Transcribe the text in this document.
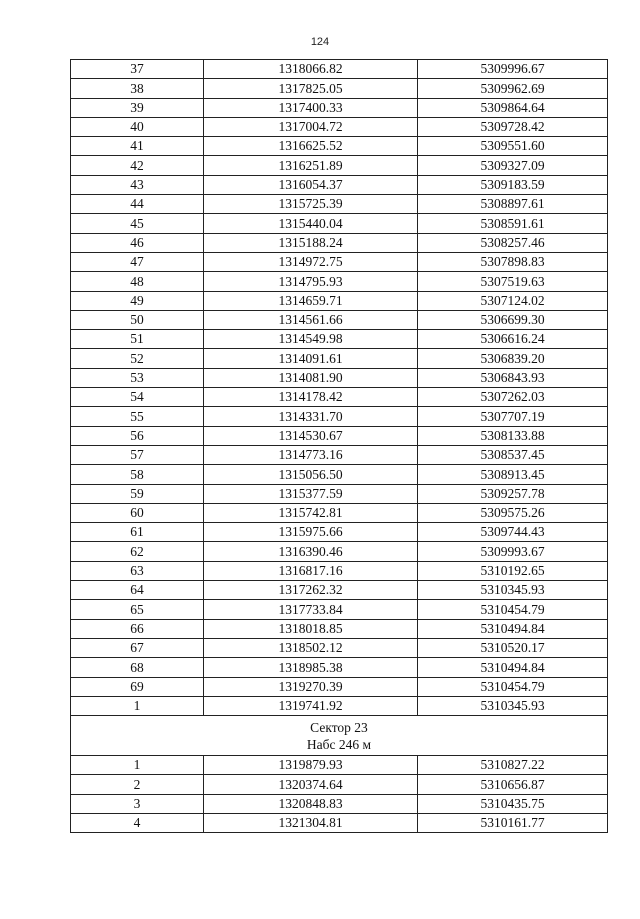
124
37	1318066.82	5309996.67
38	1317825.05	5309962.69
39	1317400.33	5309864.64
40	1317004.72	5309728.42
41	1316625.52	5309551.60
42	1316251.89	5309327.09
43	1316054.37	5309183.59
44	1315725.39	5308897.61
45	1315440.04	5308591.61
46	1315188.24	5308257.46
47	1314972.75	5307898.83
48	1314795.93	5307519.63
49	1314659.71	5307124.02
50	1314561.66	5306699.30
51	1314549.98	5306616.24
52	1314091.61	5306839.20
53	1314081.90	5306843.93
54	1314178.42	5307262.03
55	1314331.70	5307707.19
56	1314530.67	5308133.88
57	1314773.16	5308537.45
58	1315056.50	5308913.45
59	1315377.59	5309257.78
60	1315742.81	5309575.26
61	1315975.66	5309744.43
62	1316390.46	5309993.67
63	1316817.16	5310192.65
64	1317262.32	5310345.93
65	1317733.84	5310454.79
66	1318018.85	5310494.84
67	1318502.12	5310520.17
68	1318985.38	5310494.84
69	1319270.39	5310454.79
1	1319741.92	5310345.93

Сектор 23
Набс 246 м		

1	1319879.93	5310827.22
2	1320374.64	5310656.87
3	1320848.83	5310435.75
4	1321304.81	5310161.77
